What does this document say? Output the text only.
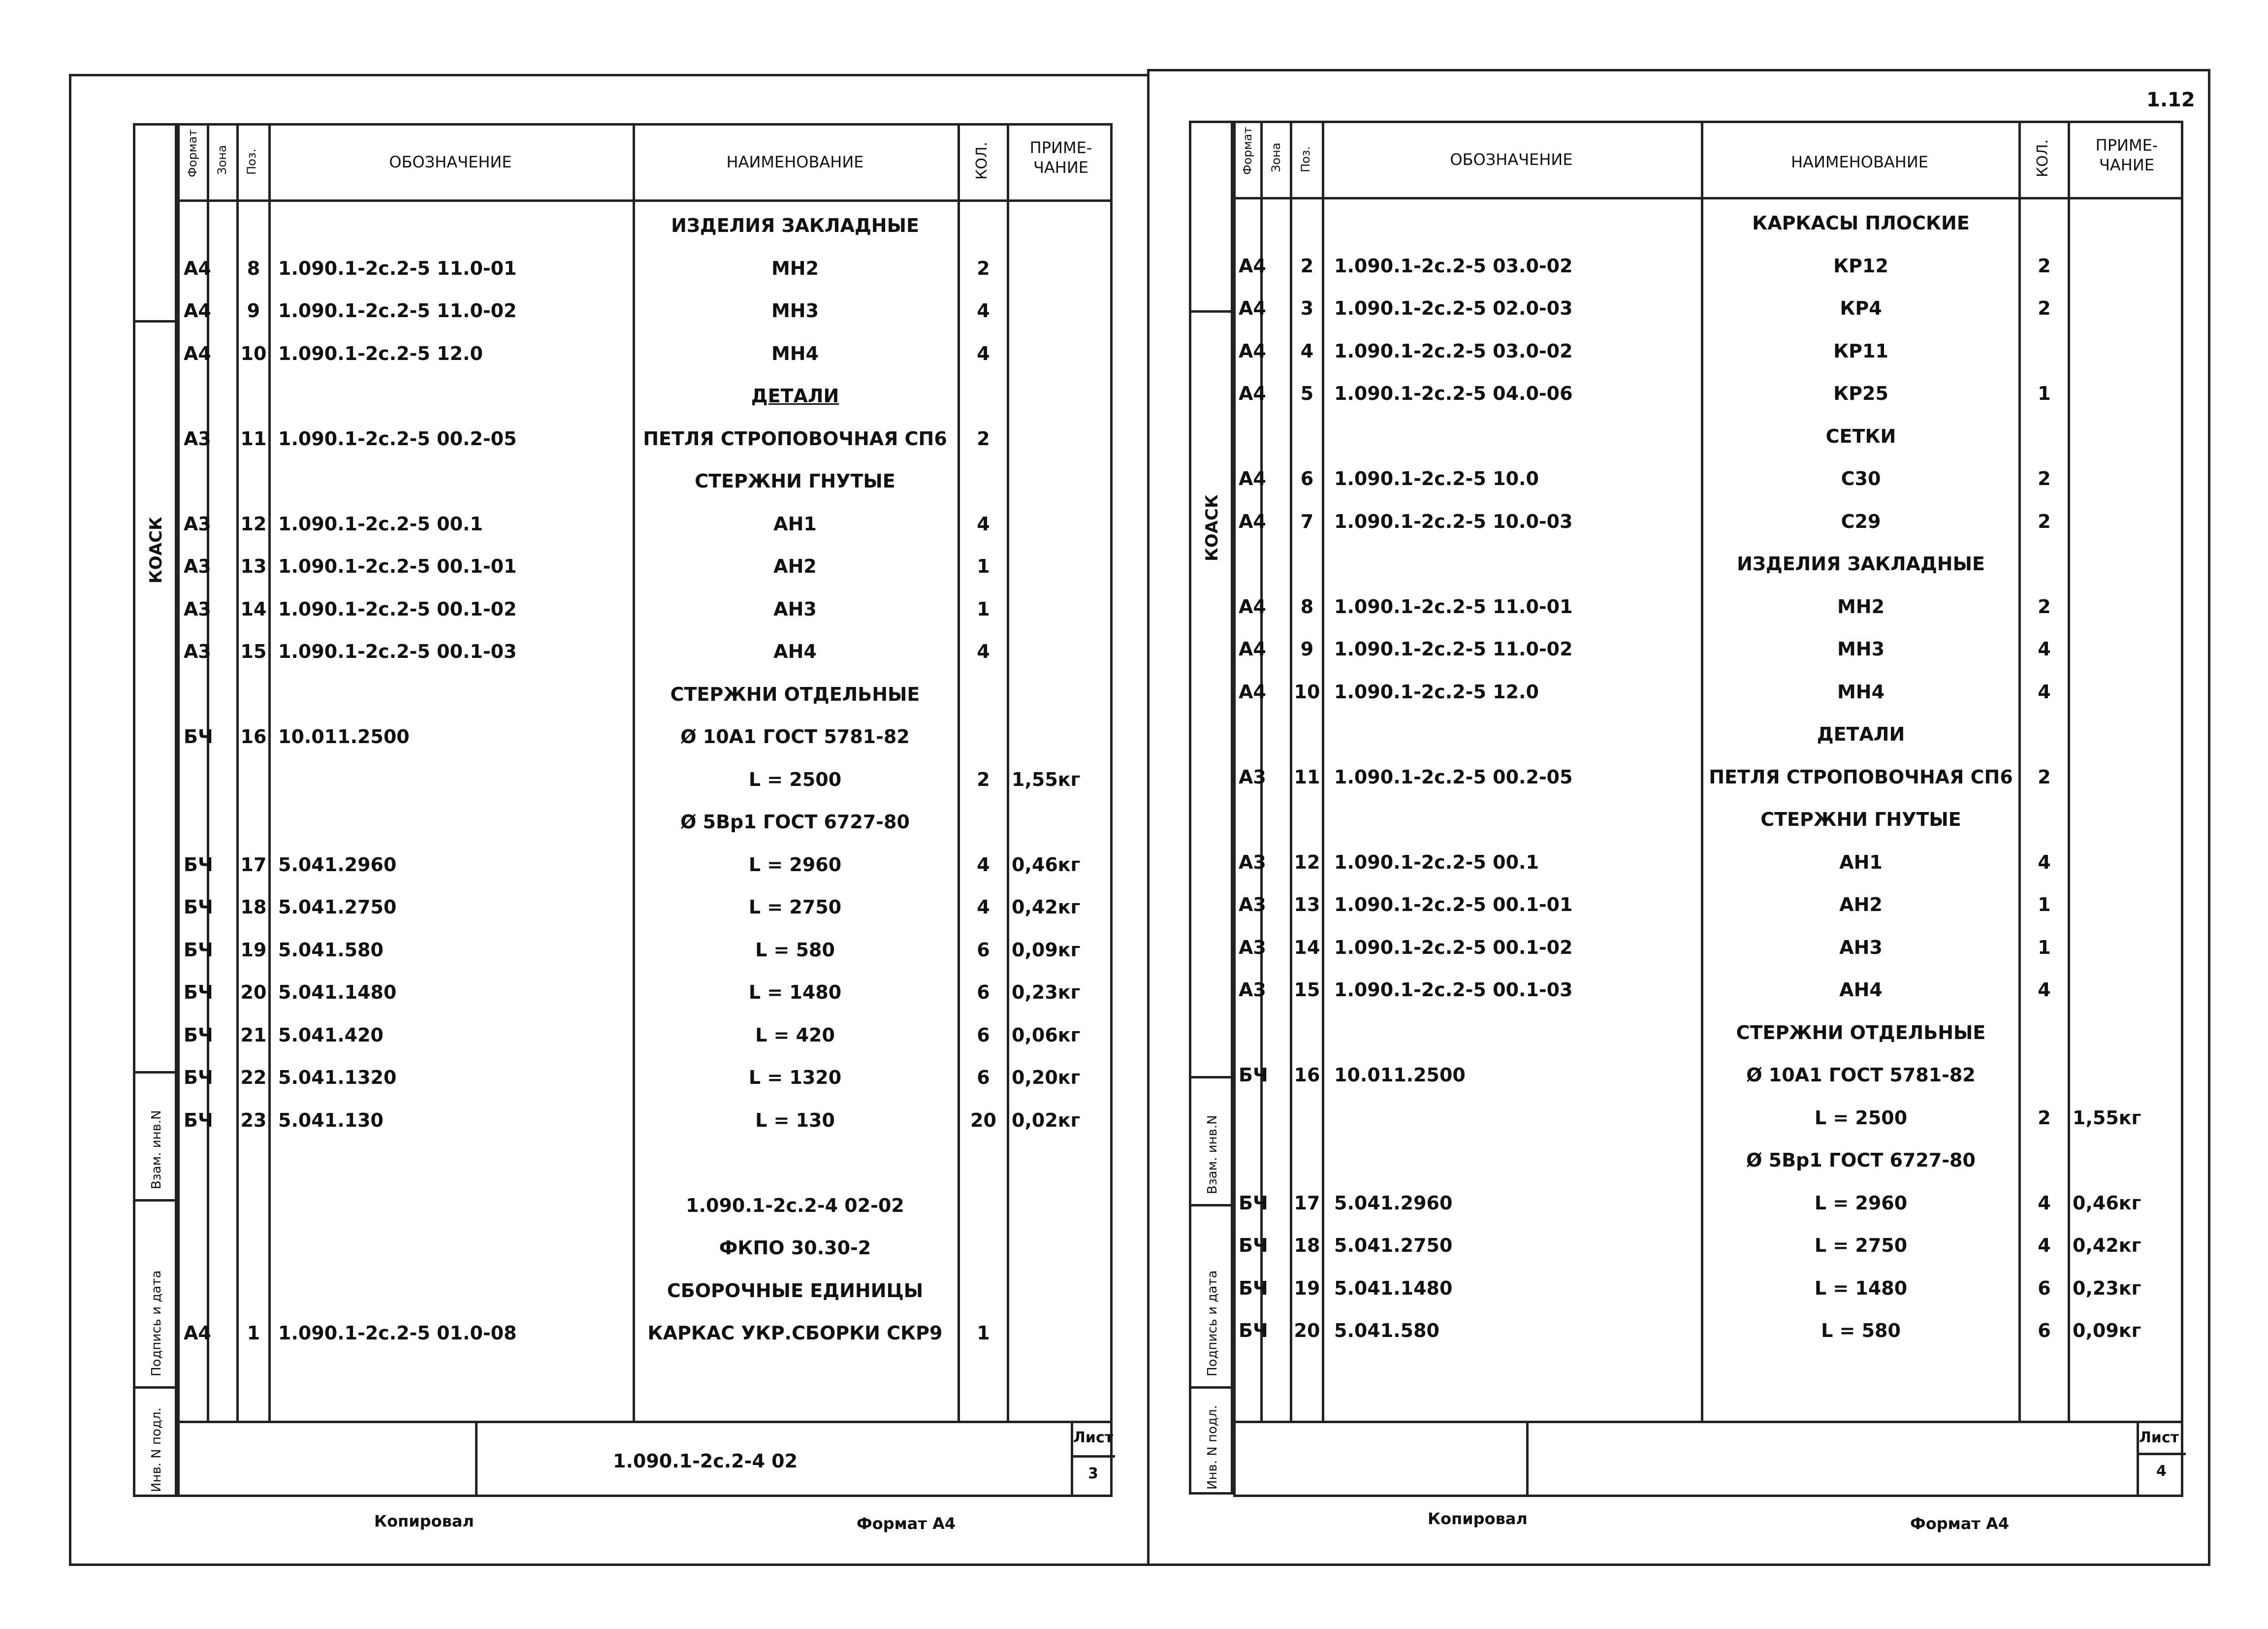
КОАСК
Взам. инв.N
Подпись и дата
Инв. N подл.
Формат Зона Поз.	ОБОЗНАЧЕНИЕ	НАИМЕНОВАНИЕ	КОЛ.	ПРИМЕ-
ЧАНИЕ
ИЗДЕЛИЯ ЗАКЛАДНЫЕ
А4	8 1.090.1-2с.2-5 11.0-01	МН2	2
А4	9 1.090.1-2с.2-5 11.0-02	МН3	4
А4 10 1.090.1-2с.2-5 12.0	МН4	4
ДЕТАЛИ
А3 11 1.090.1-2с.2-5 00.2-05	ПЕТЛЯ СТРОПОВОЧНАЯ СП6	2
СТЕРЖНИ ГНУТЫЕ
А3 12 1.090.1-2с.2-5 00.1	АН1	4
А3 13 1.090.1-2с.2-5 00.1-01	АН2	1
А3 14 1.090.1-2с.2-5 00.1-02	АН3	1
А3 15 1.090.1-2с.2-5 00.1-03	АН4	4
СТЕРЖНИ ОТДЕЛЬНЫЕ
БЧ 16 10.011.2500	Ø 10А1 ГОСТ 5781-82
L = 2500	2	1,55кг
Ø 5Вр1 ГОСТ 6727-80
БЧ 17 5.041.2960	L = 2960	4	0,46кг
БЧ 18 5.041.2750	L = 2750	4	0,42кг
БЧ 19 5.041.580	L = 580	6	0,09кг
БЧ 20 5.041.1480	L = 1480	6	0,23кг
БЧ 21 5.041.420	L = 420	6	0,06кг
БЧ 22 5.041.1320	L = 1320	6	0,20кг
БЧ 23 5.041.130	L = 130	20 0,02кг
1.090.1-2с.2-4 02-02
ФКПО 30.30-2
СБОРОЧНЫЕ ЕДИНИЦЫ
А4	1 1.090.1-2с.2-5 01.0-08	КАРКАС УКР.СБОРКИ СКР9	1
1.090.1-2с.2-4 02
Лист
3
Копировал	Формат А4
1.12
КОАСК
Взам. инв.N
Подпись и дата
Инв. N подл.
Формат Зона Поз.	ОБОЗНАЧЕНИЕ	НАИМЕНОВАНИЕ	КОЛ.	ПРИМЕ-
ЧАНИЕ
КАРКАСЫ ПЛОСКИЕ
А4	2	1.090.1-2с.2-5 03.0-02	КР12	2
А4	3	1.090.1-2с.2-5 02.0-03	КР4	2
А4	4	1.090.1-2с.2-5 03.0-02	КР11
А4	5	1.090.1-2с.2-5 04.0-06	КР25	1
СЕТКИ
А4	6	1.090.1-2с.2-5 10.0	С30	2
А4	7	1.090.1-2с.2-5 10.0-03	С29	2
ИЗДЕЛИЯ ЗАКЛАДНЫЕ
А4	8	1.090.1-2с.2-5 11.0-01	МН2	2
А4	9	1.090.1-2с.2-5 11.0-02	МН3	4
А4 10 1.090.1-2с.2-5 12.0	МН4	4
ДЕТАЛИ
А3 11 1.090.1-2с.2-5 00.2-05	ПЕТЛЯ СТРОПОВОЧНАЯ СП6	2
СТЕРЖНИ ГНУТЫЕ
А3 12 1.090.1-2с.2-5 00.1	АН1	4
А3 13 1.090.1-2с.2-5 00.1-01	АН2	1
А3 14 1.090.1-2с.2-5 00.1-02	АН3	1
А3 15 1.090.1-2с.2-5 00.1-03	АН4	4
СТЕРЖНИ ОТДЕЛЬНЫЕ
БЧ 16 10.011.2500	Ø 10А1 ГОСТ 5781-82
L = 2500	2	1,55кг
Ø 5Вр1 ГОСТ 6727-80
БЧ 17 5.041.2960	L = 2960	4	0,46кг
БЧ 18 5.041.2750	L = 2750	4	0,42кг
БЧ 19 5.041.1480	L = 1480	6	0,23кг
БЧ 20 5.041.580	L = 580	6	0,09кг
Лист
4
Копировал	Формат А4
